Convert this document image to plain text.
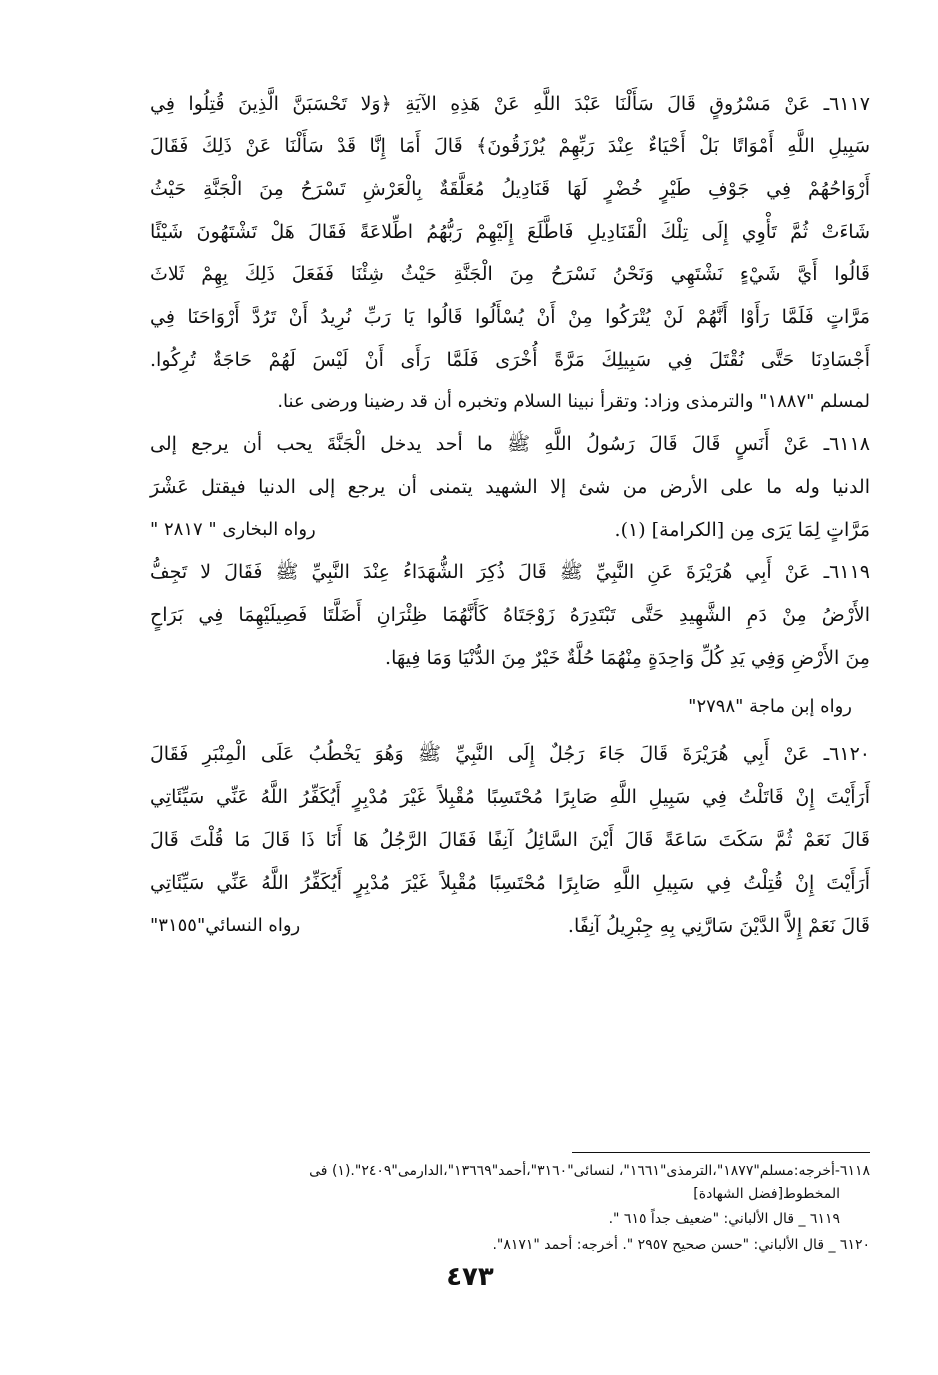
٦١١٧ـ عَنْ مَسْرُوقٍ قَالَ سَأَلْنَا عَبْدَ اللَّهِ عَنْ هَذِهِ الآيَةِ ﴿وَلا تَحْسَبَنَّ الَّذِينَ قُتِلُوا فِي
سَبِيلِ اللَّهِ أَمْوَاتًا بَلْ أَحْيَاءٌ عِنْدَ رَبِّهِمْ يُرْزَقُونَ﴾ قَالَ أَمَا إِنَّا قَدْ سَأَلْنَا عَنْ ذَلِكَ فَقَالَ
أَرْوَاحُهُمْ فِي جَوْفِ طَيْرٍ خُضْرٍ لَهَا قَنَادِيلُ مُعَلَّقَةٌ بِالْعَرْشِ تَسْرَحُ مِنَ الْجَنَّةِ حَيْثُ
شَاءَتْ ثُمَّ تَأْوِي إِلَى تِلْكَ الْقَنَادِيلِ فَاطَّلَعَ إِلَيْهِمْ رَبُّهُمُ اطِّلاعَةً فَقَالَ هَلْ تَشْتَهُونَ شَيْئًا
قَالُوا أَيَّ شَيْءٍ نَشْتَهِي وَنَحْنُ نَسْرَحُ مِنَ الْجَنَّةِ حَيْثُ شِئْنَا فَفَعَلَ ذَلِكَ بِهِمْ ثَلاثَ
مَرَّاتٍ فَلَمَّا رَأَوْا أَنَّهُمْ لَنْ يُتْرَكُوا مِنْ أَنْ يُسْأَلُوا قَالُوا يَا رَبِّ نُرِيدُ أَنْ تَرُدَّ أَرْوَاحَنَا فِي
أَجْسَادِنَا حَتَّى نُقْتَلَ فِي سَبِيلِكَ مَرَّةً أُخْرَى فَلَمَّا رَأَى أَنْ لَيْسَ لَهُمْ حَاجَةٌ تُرِكُوا.
لمسلم "١٨٨٧" والترمذى وزاد: وتقرأ نبينا السلام وتخبره أن قد رضينا ورضى عنا.
٦١١٨ـ عَنْ أَنَسٍ قَالَ قَالَ رَسُولُ اللَّهِ ﷺ ما أحد يدخل الْجَنَّةَ يحب أن يرجع إلى
الدنيا وله ما على الأرض من شئ إلا الشهيد يتمنى أن يرجع إلى الدنيا فيقتل عَشْرَ
مَرَّاتٍ لِمَا يَرَى مِن [الكرامة] (١).
رواه البخارى " ٢٨١٧ "
٦١١٩ـ عَنْ أَبِي هُرَيْرَةَ عَنِ النَّبِيِّ ﷺ قَالَ ذُكِرَ الشُّهَدَاءُ عِنْدَ النَّبِيِّ ﷺ فَقَالَ لا تَجِفُّ
الأَرْضُ مِنْ دَمِ الشَّهِيدِ حَتَّى تَبْتَدِرَهُ زَوْجَتَاهُ كَأَنَّهُمَا ظِئْرَانِ أَضَلَّتَا فَصِيلَيْهِمَا فِي بَرَاحٍ
مِنَ الأَرْضِ وَفِي يَدِ كُلِّ وَاحِدَةٍ مِنْهُمَا حُلَّةٌ خَيْرٌ مِنَ الدُّنْيَا وَمَا فِيهَا.
رواه إبن ماجة "٢٧٩٨"
٦١٢٠ـ عَنْ أَبِي هُرَيْرَةَ قَالَ جَاءَ رَجُلٌ إِلَى النَّبِيِّ ﷺ وَهُوَ يَخْطُبُ عَلَى الْمِنْبَرِ فَقَالَ
أَرَأَيْتَ إِنْ قَاتَلْتُ فِي سَبِيلِ اللَّهِ صَابِرًا مُحْتَسِبًا مُقْبِلاً غَيْرَ مُدْبِرٍ أَيُكَفِّرُ اللَّهُ عَنِّي سَيِّئَاتِي
قَالَ نَعَمْ ثُمَّ سَكَتَ سَاعَةً قَالَ أَيْنَ السَّائِلُ آنِفًا فَقَالَ الرَّجُلُ هَا أَنَا ذَا قَالَ مَا قُلْتَ قَالَ
أَرَأَيْتَ إِنْ قُتِلْتُ فِي سَبِيلِ اللَّهِ صَابِرًا مُحْتَسِبًا مُقْبِلاً غَيْرَ مُدْبِرٍ أَيُكَفِّرُ اللَّهُ عَنِّي سَيِّئَاتِي
قَالَ نَعَمْ إِلاَّ الدَّيْنَ سَارَّنِي بِهِ جِبْرِيلُ آنِفًا.
رواه النسائي"٣١٥٥"
٦١١٨-أخرجه:مسلم"١٨٧٧"،الترمذى"١٦٦١"، لنسائى"٣١٦٠"،أحمد"١٣٦٦٩"،الدارمى"٢٤٠٩".(١) فى
المخطوط[فضل الشهادة]
٦١١٩ _ قال الألباني: "ضعيف جداً ٦١٥ ".
٦١٢٠ _ قال الألباني: "حسن صحيح ٢٩٥٧ ". أخرجه: أحمد "٨١٧١".
٤٧٣
